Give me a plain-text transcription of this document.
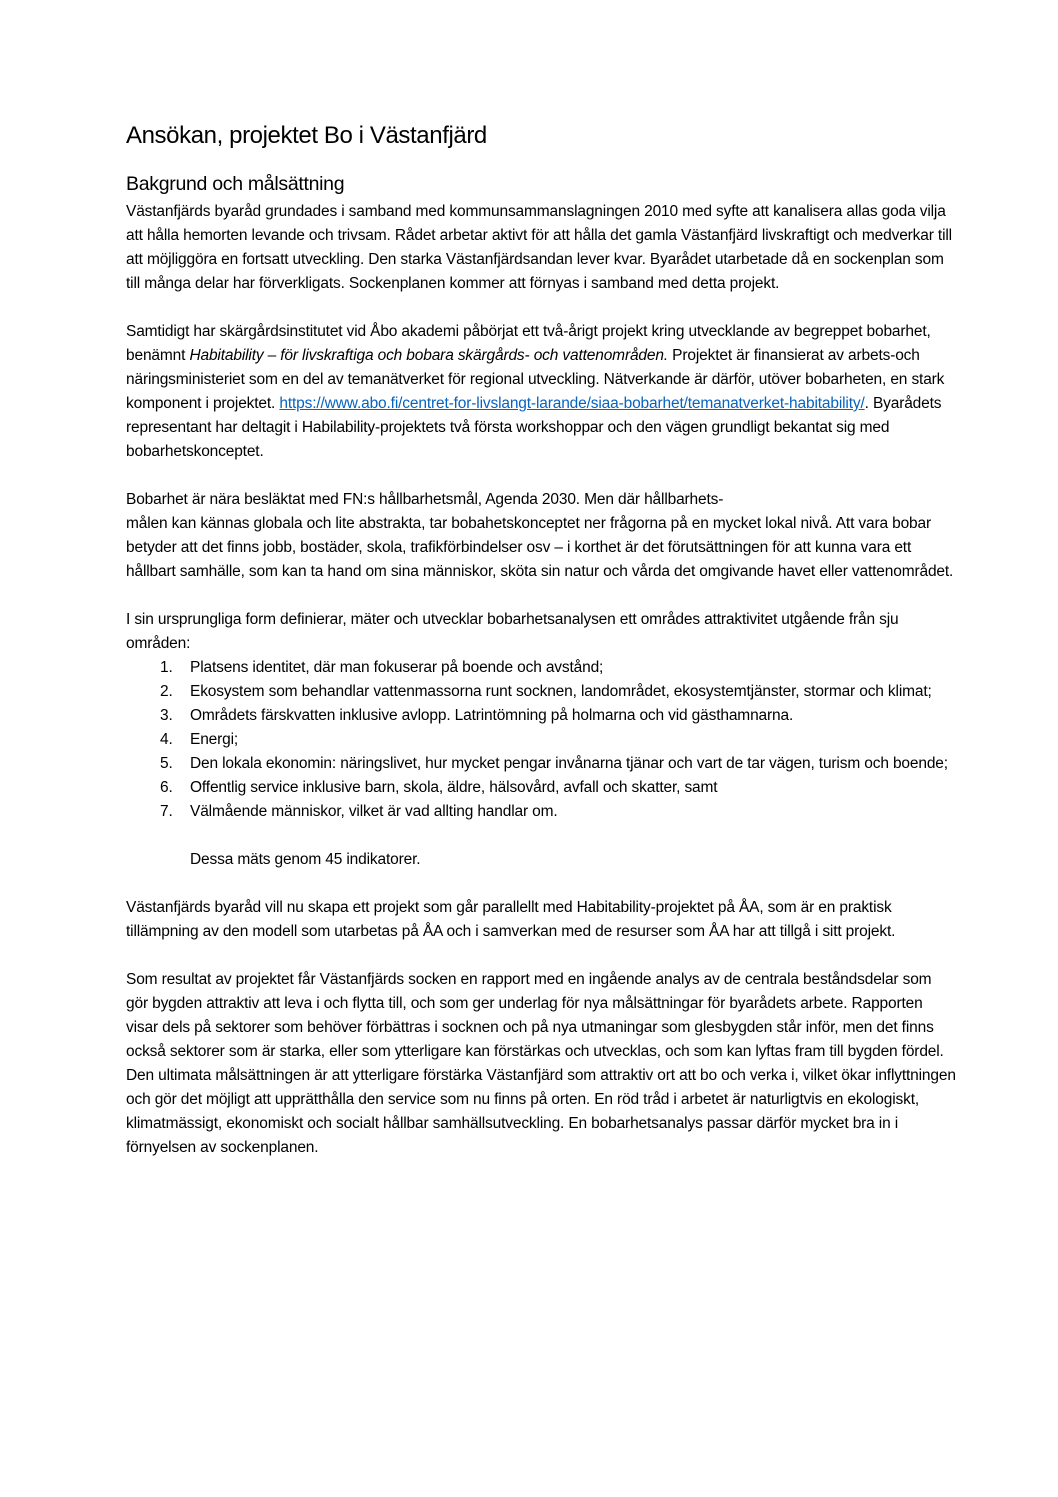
Ansökan, projektet Bo i Västanfjärd
Bakgrund och målsättning

Västanfjärds byaråd grundades i samband med kommunsammanslagningen 2010 med syfte att kanalisera allas goda vilja att hålla hemorten levande och trivsam. Rådet arbetar aktivt för att hålla det gamla Västanfjärd livskraftigt och medverkar till att möjliggöra en fortsatt utveckling. Den starka Västanfjärdsandan lever kvar. Byarådet utarbetade då en sockenplan som till många delar har förverkligats. Sockenplanen kommer att förnyas i samband med detta projekt.

Samtidigt har skärgårdsinstitutet vid Åbo akademi påbörjat ett två-årigt projekt kring utvecklande av begreppet bobarhet, benämnt Habitability – för livskraftiga och bobara skärgårds- och vattenområden. Projektet är finansierat av arbets-och näringsministeriet som en del av temanätverket för regional utveckling. Nätverkande är därför, utöver bobarheten, en stark komponent i projektet. https://www.abo.fi/centret-for-livslangt-larande/siaa-bobarhet/temanatverket-habitability/. Byarådets representant har deltagit i Habilability-projektets två första workshoppar och den vägen grundligt bekantat sig med bobarhetskonceptet.

Bobarhet är nära besläktat med FN:s hållbarhetsmål, Agenda 2030. Men där hållbarhets-
målen kan kännas globala och lite abstrakta, tar bobahetskonceptet ner frågorna på en mycket lokal nivå. Att vara bobar betyder att det finns jobb, bostäder, skola, trafikförbindelser osv – i korthet är det förutsättningen för att kunna vara ett hållbart samhälle, som kan ta hand om sina människor, sköta sin natur och vårda det omgivande havet eller vattenområdet.

I sin ursprungliga form definierar, mäter och utvecklar bobarhetsanalysen ett områdes attraktivitet utgående från sju områden:

1.	Platsens identitet, där man fokuserar på boende och avstånd;
2.	Ekosystem som behandlar vattenmassorna runt socknen, landområdet, ekosystemtjänster, stormar och klimat;
3.	Områdets färskvatten inklusive avlopp. Latrintömning på holmarna och vid gästhamnarna.
4.	Energi;
5.	Den lokala ekonomin: näringslivet, hur mycket pengar invånarna tjänar och vart de tar vägen, turism och boende;
6.	Offentlig service inklusive barn, skola, äldre, hälsovård, avfall och skatter, samt
7.	Välmående människor, vilket är vad allting handlar om.

Dessa mäts genom 45 indikatorer.

Västanfjärds byaråd vill nu skapa ett projekt som går parallellt med Habitability-projektet på ÅA, som är en praktisk tillämpning av den modell som utarbetas på ÅA och i samverkan med de resurser som ÅA har att tillgå i sitt projekt.

Som resultat av projektet får Västanfjärds socken en rapport med en ingående analys av de centrala beståndsdelar som gör bygden attraktiv att leva i och flytta till, och som ger underlag för nya målsättningar för byarådets arbete. Rapporten visar dels på sektorer som behöver förbättras i socknen och på nya utmaningar som glesbygden står inför, men det finns också sektorer som är starka, eller som ytterligare kan förstärkas och utvecklas, och som kan lyftas fram till bygden fördel. Den ultimata målsättningen är att ytterligare förstärka Västanfjärd som attraktiv ort att bo och verka i, vilket ökar inflyttningen och gör det möjligt att upprätthålla den service som nu finns på orten. En röd tråd i arbetet är naturligtvis en ekologiskt, klimatmässigt, ekonomiskt och socialt hållbar samhällsutveckling. En bobarhetsanalys passar därför mycket bra in i förnyelsen av sockenplanen.
